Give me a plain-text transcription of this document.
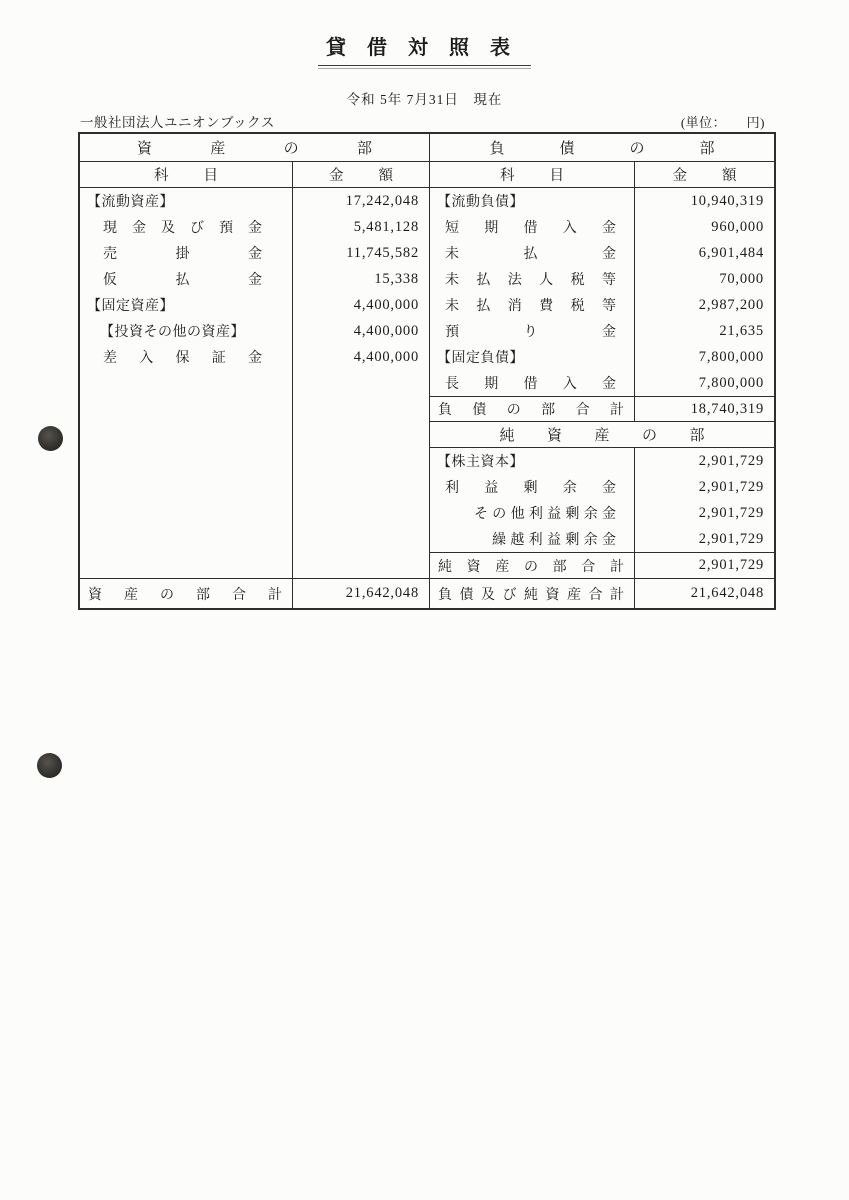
貸借対照表
令和 5年 7月31日　現在
一般社団法人ユニオンブックス	(単位：　　円)
資	産	の	部
科 目	金 額
【流動資産】	17,242,048
現 金 及 び 預 金	5,481,128
売	掛	金	11,745,582
仮	払	金	15,338
【固定資産】	4,400,000
【投資その他の資産】	4,400,000
差 入 保 証 金	4,400,000
資 産 の 部 合 計	21,642,048
負	債	の	部
科 目	金 額
【流動負債】	10,940,319
短 期 借 入 金	960,000
未	払	金	6,901,484
未 払 法 人 税 等	70,000
未 払 消 費 税 等	2,987,200
預	り	金	21,635
【固定負債】	7,800,000
長 期 借 入 金	7,800,000
負 債 の 部 合 計	18,740,319
純 資 産 の 部
【株主資本】	2,901,729
利 益 剰 余 金	2,901,729
そ の 他 利 益 剰 余 金	2,901,729
繰 越 利 益 剰 余 金	2,901,729
純 資 産 の 部 合 計	2,901,729
負 債 及 び 純 資 産 合 計	21,642,048
